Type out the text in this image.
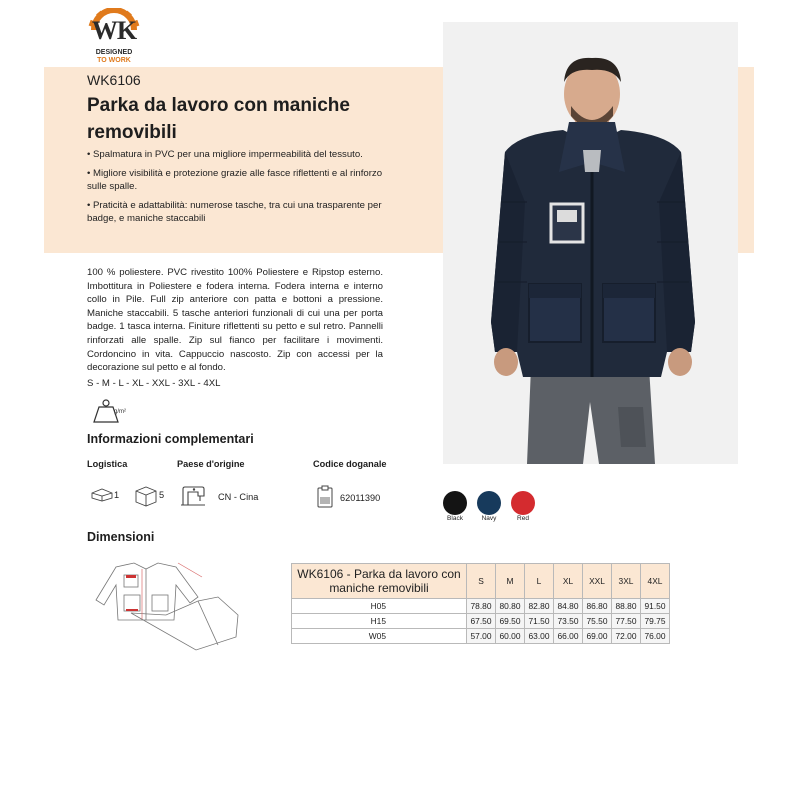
WK
DESIGNED
TO WORK
WK6106
Parka da lavoro con maniche removibili
• Spalmatura in PVC per una migliore impermeabilità del tessuto.
• Migliore visibilità e protezione grazie alle fasce riflettenti e al rinforzo sulle spalle.
• Praticità e adattabilità: numerose tasche, tra cui una trasparente per badge, e maniche staccabili
100 % poliestere. PVC rivestito 100% Poliestere e Ripstop esterno. Imbottitura in Poliestere e fodera interna. Fodera interna e interno collo in Pile. Full zip anteriore con patta e bottoni a pressione. Maniche staccabili. 5 tasche anteriori funzionali di cui una per porta badge. 1 tasca interna. Finiture riflettenti su petto e sul retro. Pannelli rinforzati alle spalle. Zip sul fianco per facilitare i movimenti. Cordoncino in vita. Cappuccio nascosto. Zip con accessi per la decorazione sul petto e al fondo.
S - M - L - XL - XXL - 3XL - 4XL
g/m²
Informazioni complementari
Logistica	Paese d'origine	Codice doganale
1	5	CN - Cina	62011390
Black	Navy	Red
Dimensioni
WK6106 - Parka da lavoro con maniche removibili	S	M	L	XL	XXL	3XL	4XL
H05	78.80	80.80	82.80	84.80	86.80	88.80	91.50
H15	67.50	69.50	71.50	73.50	75.50	77.50	79.75
W05	57.00	60.00	63.00	66.00	69.00	72.00	76.00
